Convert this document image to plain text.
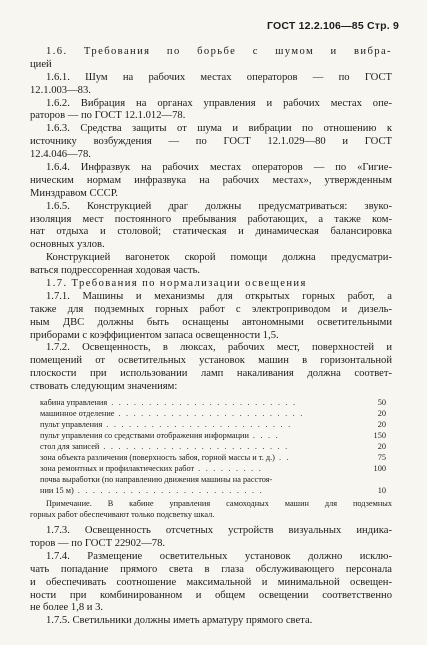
ГОСТ 12.2.106—85 Стр. 9
1.6. Требования по борьбе с шумом и вибра-
цией
1.6.1. Шум на рабочих местах операторов — по ГОСТ
12.1.003—83.
1.6.2. Вибрация на органах управления и рабочих местах опе-
раторов — по ГОСТ 12.1.012—78.
1.6.3. Средства защиты от шума и вибрации по отношению к
источнику возбуждения — по ГОСТ 12.1.029—80 и ГОСТ
12.4.046—78.
1.6.4. Инфразвук на рабочих местах операторов — по «Гигие-
ническим нормам инфразвука на рабочих местах», утвержденным
Минздравом СССР.
1.6.5. Конструкцией драг должны предусматриваться: звуко-
изоляция мест постоянного пребывания работающих, а также ком-
нат отдыха и столовой; статическая и динамическая балансировка
основных узлов.
Конструкцией вагонеток скорой помощи должна предусматри-
ваться подрессоренная ходовая часть.
1.7. Требования по нормализации освещения
1.7.1. Машины и механизмы для открытых горных работ, а
также для подземных горных работ с электроприводом и дизель-
ным ДВС должны быть оснащены автономными осветительными
приборами с коэффициентом запаса освещенности 1,5.
1.7.2. Освещенность, в люксах, рабочих мест, поверхностей и
помещений от осветительных установок машин в горизонтальной
плоскости при использовании ламп накаливания должна соответ-
ствовать следующим значениям:
кабина управления .........................	50
машинное отделение .........................	20
пульт управления .........................	20
пульт управления со средствами отображения информации ....	150
стол для записей .........................	20
зона объекта различения (поверхность забоя, горной массы и т. д.) ..	75
зона ремонтных и профилактических работ .........	100
почва выработки (по направлению движения машины на расстоя-
нии 15 м) .........................	10
Примечание. В кабине управления самоходных машин для подземных
горных работ обеспечивают только подсветку шкал.
1.7.3. Освещенность отсчетных устройств визуальных индика-
торов — по ГОСТ 22902—78.
1.7.4. Размещение осветительных установок должно исклю-
чать попадание прямого света в глаза обслуживающего персонала
и обеспечивать соотношение максимальной и минимальной освещен-
ности при комбинированном и общем освещении соответственно
не более 1,8 и 3.
1.7.5. Светильники должны иметь арматуру прямого света.
